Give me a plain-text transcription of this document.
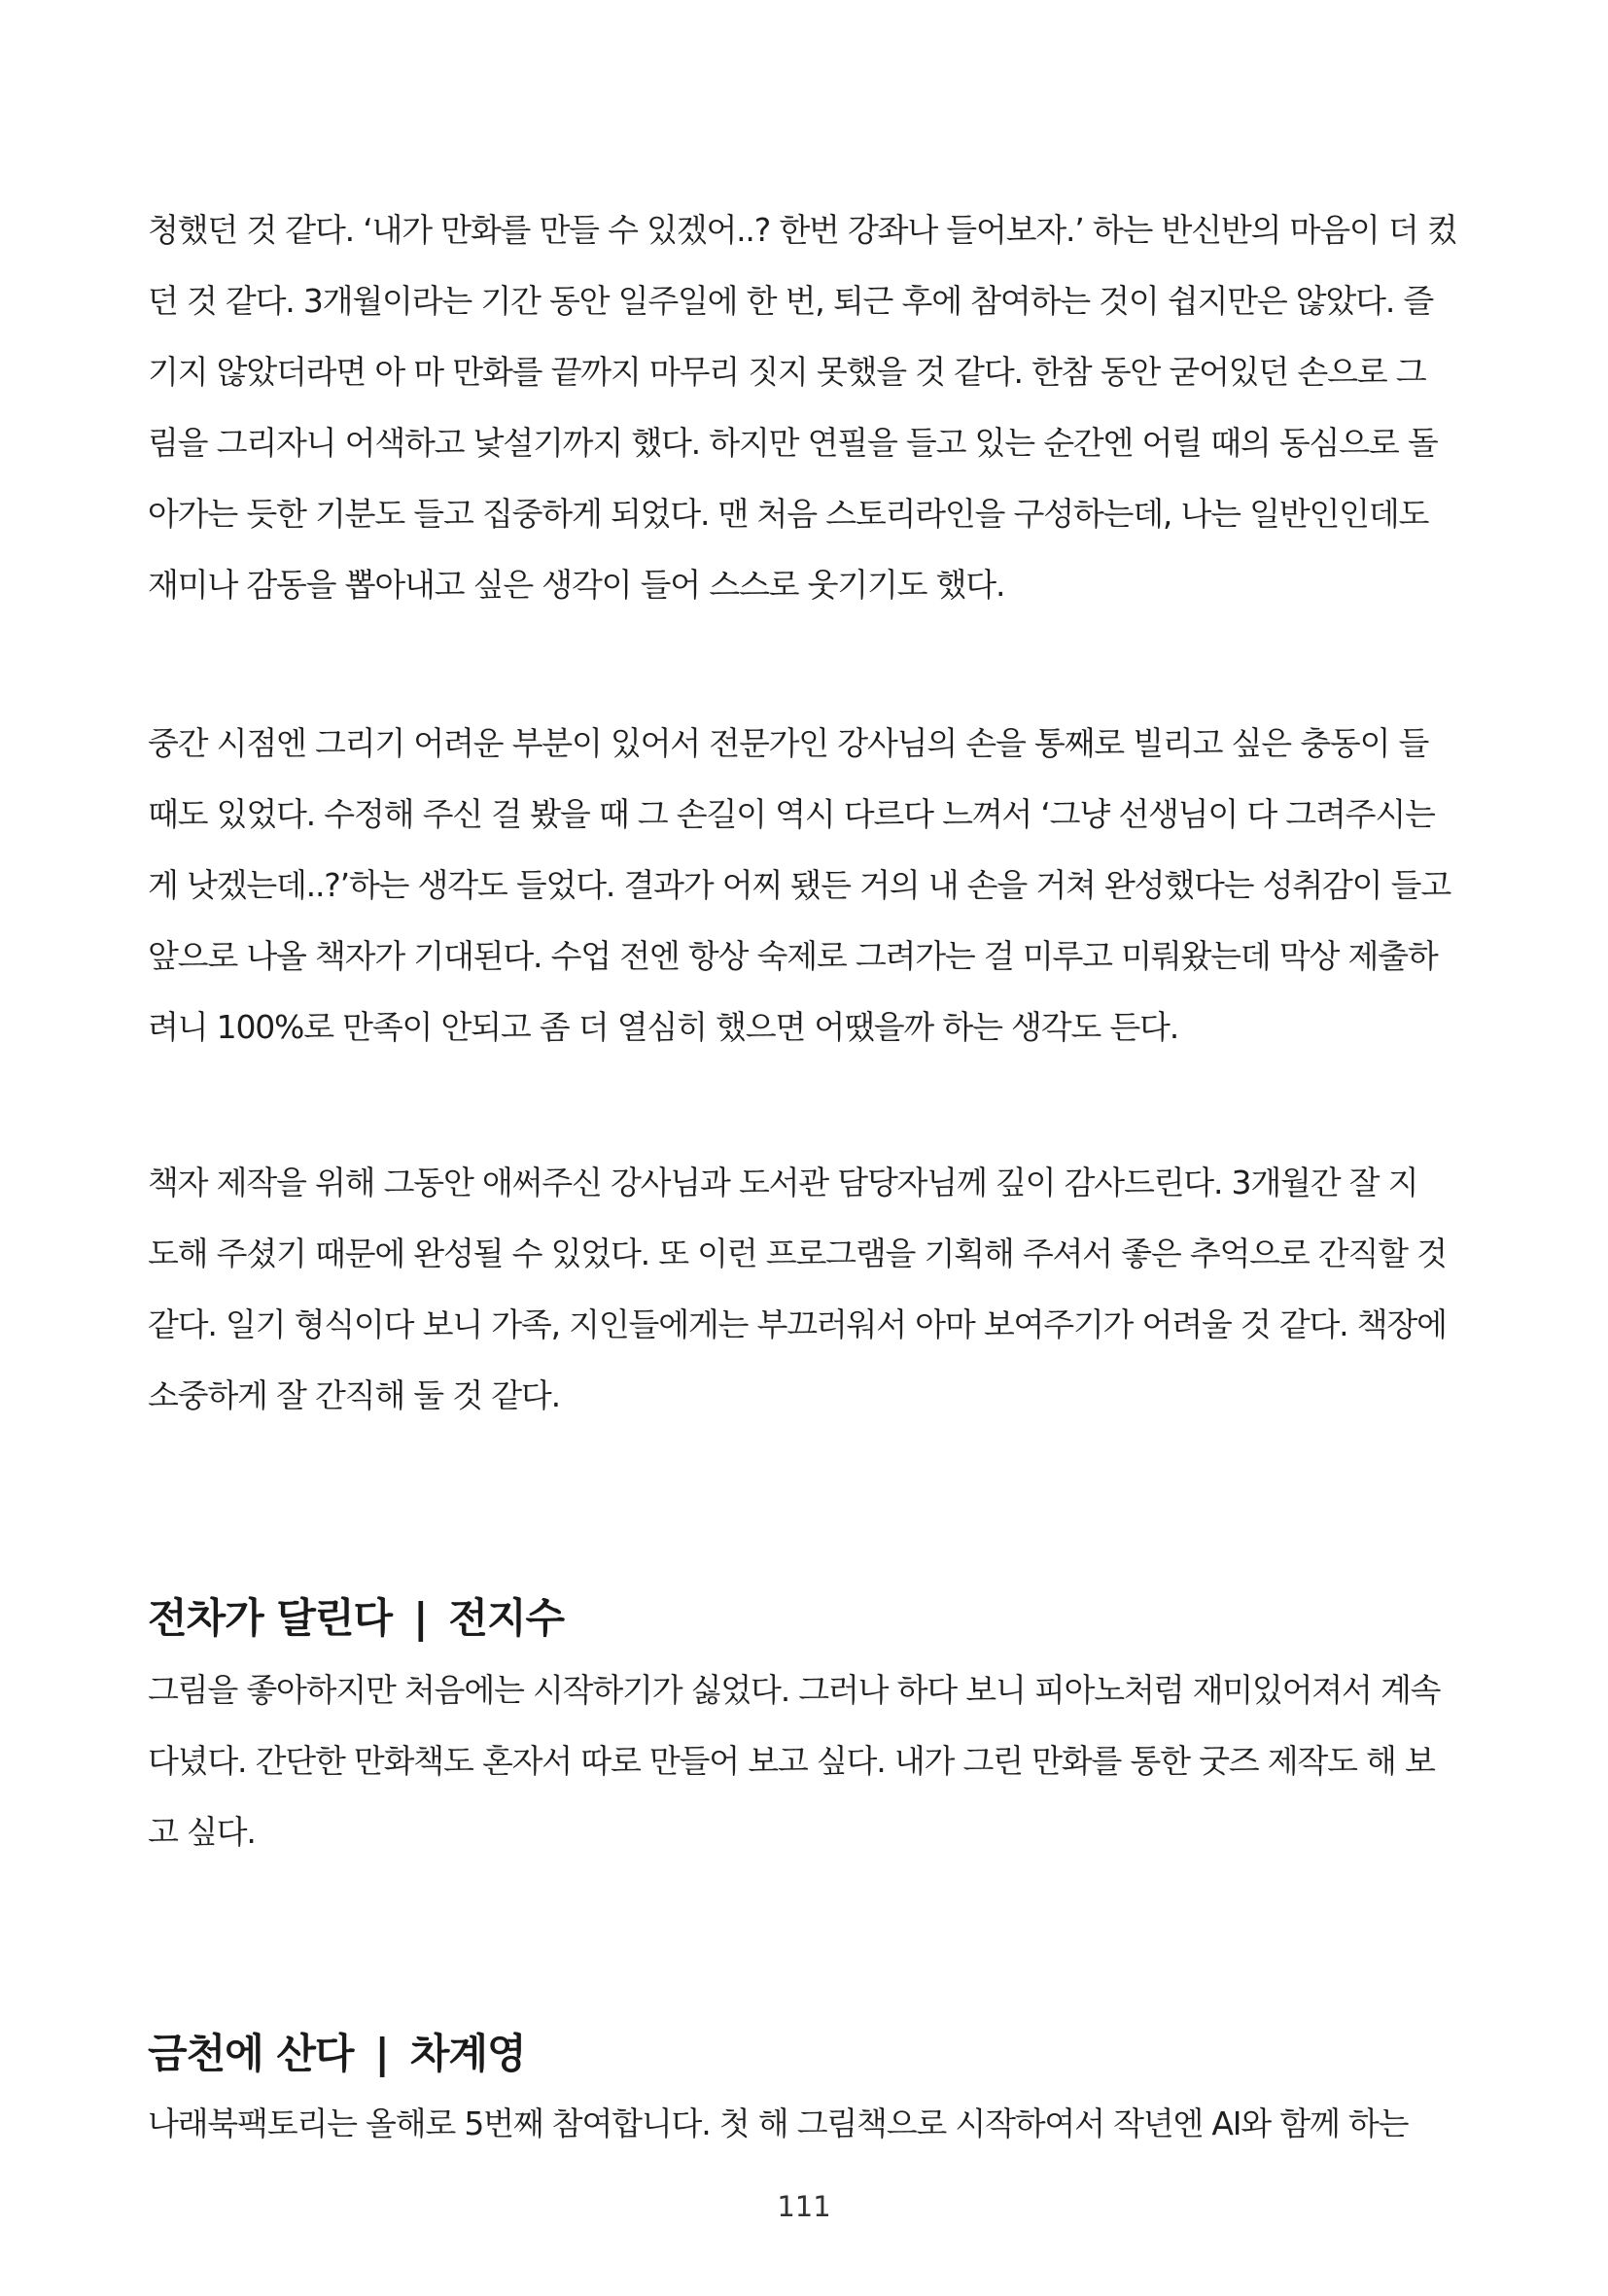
청했던 것 같다. ‘내가 만화를 만들 수 있겠어..? 한번 강좌나 들어보자.’ 하는 반신반의 마음이 더 컸
던 것 같다. 3개월이라는 기간 동안 일주일에 한 번, 퇴근 후에 참여하는 것이 쉽지만은 않았다. 즐
기지 않았더라면 아 마 만화를 끝까지 마무리 짓지 못했을 것 같다. 한참 동안 굳어있던 손으로 그
림을 그리자니 어색하고 낯설기까지 했다. 하지만 연필을 들고 있는 순간엔 어릴 때의 동심으로 돌
아가는 듯한 기분도 들고 집중하게 되었다. 맨 처음 스토리라인을 구성하는데, 나는 일반인인데도
재미나 감동을 뽑아내고 싶은 생각이 들어 스스로 웃기기도 했다.
중간 시점엔 그리기 어려운 부분이 있어서 전문가인 강사님의 손을 통째로 빌리고 싶은 충동이 들
때도 있었다. 수정해 주신 걸 봤을 때 그 손길이 역시 다르다 느껴서 ‘그냥 선생님이 다 그려주시는
게 낫겠는데..?’하는 생각도 들었다. 결과가 어찌 됐든 거의 내 손을 거쳐 완성했다는 성취감이 들고
앞으로 나올 책자가 기대된다. 수업 전엔 항상 숙제로 그려가는 걸 미루고 미뤄왔는데 막상 제출하
려니 100%로 만족이 안되고 좀 더 열심히 했으면 어땠을까 하는 생각도 든다.
책자 제작을 위해 그동안 애써주신 강사님과 도서관 담당자님께 깊이 감사드린다. 3개월간 잘 지
도해 주셨기 때문에 완성될 수 있었다. 또 이런 프로그램을 기획해 주셔서 좋은 추억으로 간직할 것
같다. 일기 형식이다 보니 가족, 지인들에게는 부끄러워서 아마 보여주기가 어려울 것 같다. 책장에
소중하게 잘 간직해 둘 것 같다.
전차가 달린다 | 전지수
그림을 좋아하지만 처음에는 시작하기가 싫었다. 그러나 하다 보니 피아노처럼 재미있어져서 계속
다녔다. 간단한 만화책도 혼자서 따로 만들어 보고 싶다. 내가 그린 만화를 통한 굿즈 제작도 해 보
고 싶다.
금천에 산다 | 차계영
나래북팩토리는 올해로 5번째 참여합니다. 첫 해 그림책으로 시작하여서 작년엔 AI와 함께 하는
111
